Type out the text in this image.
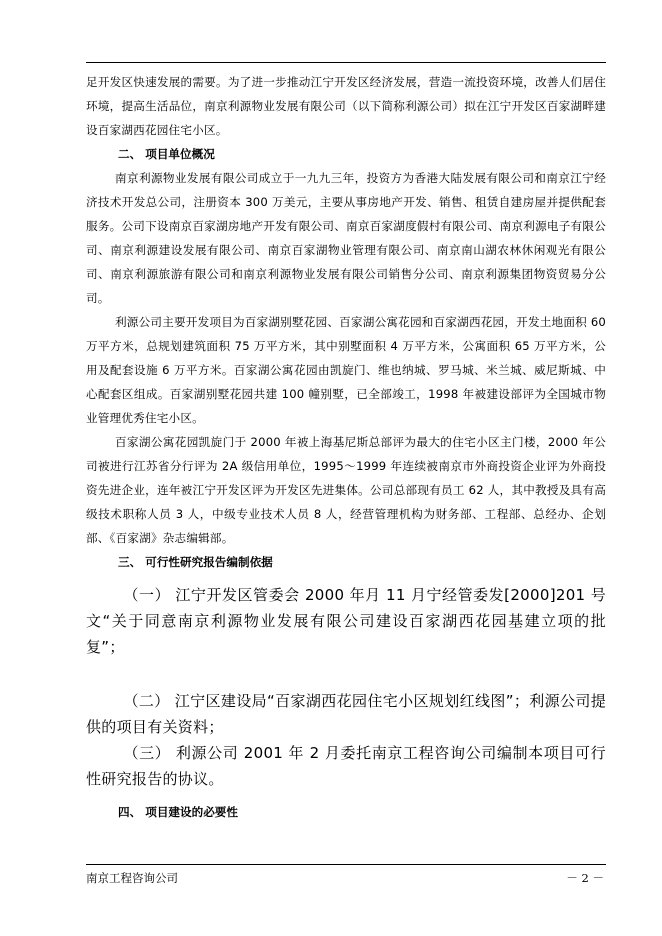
足开发区快速发展的需要。为了进一步推动江宁开发区经济发展，营造一流投资环境，改善人们居住环境，提高生活品位，南京利源物业发展有限公司（以下简称利源公司）拟在江宁开发区百家湖畔建设百家湖西花园住宅小区。

二、 项目单位概况

南京利源物业发展有限公司成立于一九九三年，投资方为香港大陆发展有限公司和南京江宁经济技术开发总公司，注册资本 300 万美元，主要从事房地产开发、销售、租赁自建房屋并提供配套服务。公司下设南京百家湖房地产开发有限公司、南京百家湖度假村有限公司、南京利源电子有限公司、南京利源建设发展有限公司、南京百家湖物业管理有限公司、南京南山湖农林休闲观光有限公司、南京利源旅游有限公司和南京利源物业发展有限公司销售分公司、南京利源集团物资贸易分公司。

利源公司主要开发项目为百家湖别墅花园、百家湖公寓花园和百家湖西花园，开发土地面积 60 万平方米，总规划建筑面积 75 万平方米，其中别墅面积 4 万平方米，公寓面积 65 万平方米，公用及配套设施 6 万平方米。百家湖公寓花园由凯旋门、维也纳城、罗马城、米兰城、威尼斯城、中心配套区组成。百家湖别墅花园共建 100 幢别墅，已全部竣工，1998 年被建设部评为全国城市物业管理优秀住宅小区。

百家湖公寓花园凯旋门于 2000 年被上海基尼斯总部评为最大的住宅小区主门楼，2000 年公司被进行江苏省分行评为 2A 级信用单位，1995～1999 年连续被南京市外商投资企业评为外商投资先进企业，连年被江宁开发区评为开发区先进集体。公司总部现有员工 62 人，其中教授及具有高级技术职称人员 3 人，中级专业技术人员 8 人，经营管理机构为财务部、工程部、总经办、企划部、《百家湖》杂志编辑部。

三、 可行性研究报告编制依据

（一） 江宁开发区管委会 2000 年月 11 月宁经管委发[2000]201 号文“关于同意南京利源物业发展有限公司建设百家湖西花园基建立项的批复”；

（二） 江宁区建设局“百家湖西花园住宅小区规划红线图”；利源公司提供的项目有关资料；

（三） 利源公司 2001 年 2 月委托南京工程咨询公司编制本项目可行性研究报告的协议。

四、 项目建设的必要性

南京工程咨询公司	－ 2 －
